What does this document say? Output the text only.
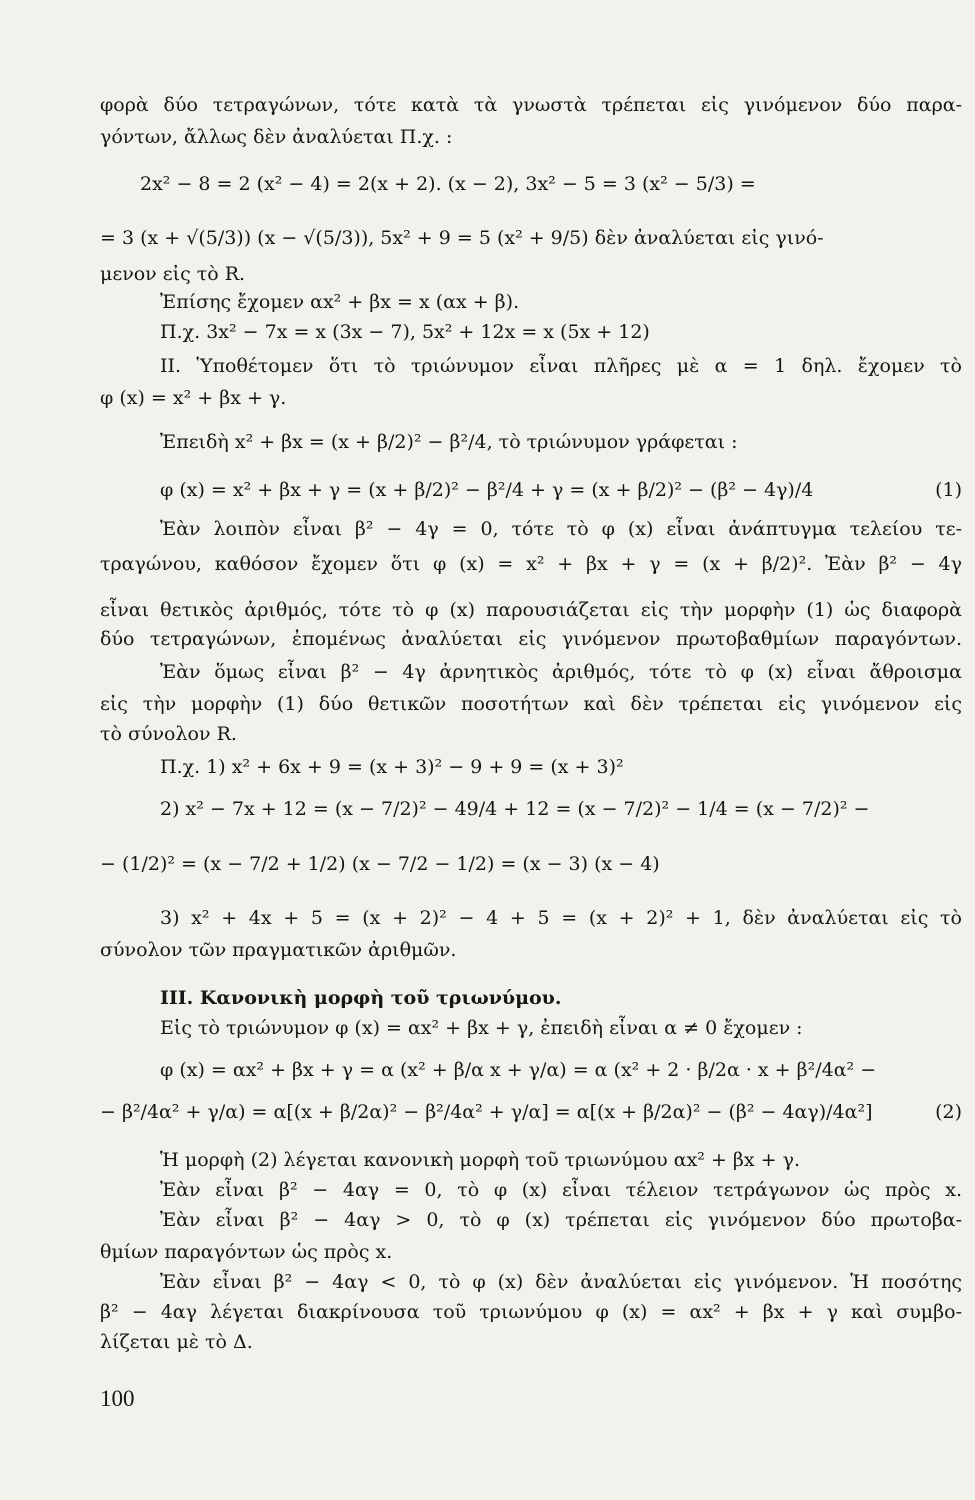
φορὰ δύο τετραγώνων, τότε κατὰ τὰ γνωστὰ τρέπεται εἰς γινόμενον δύο παρα-
γόντων, ἄλλως δὲν ἀναλύεται Π.χ. :
2x² − 8 = 2 (x² − 4) = 2(x + 2). (x − 2), 3x² − 5 = 3 (x² − 5/3) =
= 3 (x + √(5/3)) (x − √(5/3)), 5x² + 9 = 5 (x² + 9/5) δὲν ἀναλύεται εἰς γινό-
μενον εἰς τὸ R.
Ἐπίσης ἔχομεν αx² + βx = x (αx + β).
Π.χ. 3x² − 7x = x (3x − 7), 5x² + 12x = x (5x + 12)
II. Ὑποθέτομεν ὅτι τὸ τριώνυμον εἶναι πλῆρες μὲ α = 1 δηλ. ἔχομεν τὸ
φ (x) = x² + βx + γ.
Ἐπειδὴ x² + βx = (x + β/2)² − β²/4, τὸ τριώνυμον γράφεται :
φ (x) = x² + βx + γ = (x + β/2)² − β²/4 + γ = (x + β/2)² − (β² − 4γ)/4	(1)
Ἐὰν λοιπὸν εἶναι β² − 4γ = 0, τότε τὸ φ (x) εἶναι ἀνάπτυγμα τελείου τε-
τραγώνου, καθόσον ἔχομεν ὅτι φ (x) = x² + βx + γ = (x + β/2)². Ἐὰν β² − 4γ
εἶναι θετικὸς ἀριθμός, τότε τὸ φ (x) παρουσιάζεται εἰς τὴν μορφὴν (1) ὡς διαφορὰ
δύο τετραγώνων, ἐπομένως ἀναλύεται εἰς γινόμενον πρωτοβαθμίων παραγόντων.
Ἐὰν ὅμως εἶναι β² − 4γ ἀρνητικὸς ἀριθμός, τότε τὸ φ (x) εἶναι ἄθροισμα
εἰς τὴν μορφὴν (1) δύο θετικῶν ποσοτήτων καὶ δὲν τρέπεται εἰς γινόμενον εἰς
τὸ σύνολον R.
Π.χ. 1) x² + 6x + 9 = (x + 3)² − 9 + 9 = (x + 3)²
2) x² − 7x + 12 = (x − 7/2)² − 49/4 + 12 = (x − 7/2)² − 1/4 = (x − 7/2)² −
− (1/2)² = (x − 7/2 + 1/2) (x − 7/2 − 1/2) = (x − 3) (x − 4)
3) x² + 4x + 5 = (x + 2)² − 4 + 5 = (x + 2)² + 1, δὲν ἀναλύεται εἰς τὸ
σύνολον τῶν πραγματικῶν ἀριθμῶν.
III. Κανονικὴ μορφὴ τοῦ τριωνύμου.
Εἰς τὸ τριώνυμον φ (x) = αx² + βx + γ, ἐπειδὴ εἶναι α ≠ 0 ἔχομεν :
φ (x) = αx² + βx + γ = α (x² + β/α x + γ/α) = α (x² + 2 · β/2α · x + β²/4α² −
− β²/4α² + γ/α) = α[(x + β/2α)² − β²/4α² + γ/α] = α[(x + β/2α)² − (β² − 4αγ)/4α²]	(2)
Ἡ μορφὴ (2) λέγεται κανονικὴ μορφὴ τοῦ τριωνύμου αx² + βx + γ.
Ἐὰν εἶναι β² − 4αγ = 0, τὸ φ (x) εἶναι τέλειον τετράγωνον ὡς πρὸς x.
Ἐὰν εἶναι β² − 4αγ > 0, τὸ φ (x) τρέπεται εἰς γινόμενον δύο πρωτοβα-
θμίων παραγόντων ὡς πρὸς x.
Ἐὰν εἶναι β² − 4αγ < 0, τὸ φ (x) δὲν ἀναλύεται εἰς γινόμενον. Ἡ ποσότης
β² − 4αγ λέγεται διακρίνουσα τοῦ τριωνύμου φ (x) = αx² + βx + γ καὶ συμβο-
λίζεται μὲ τὸ Δ.
100
